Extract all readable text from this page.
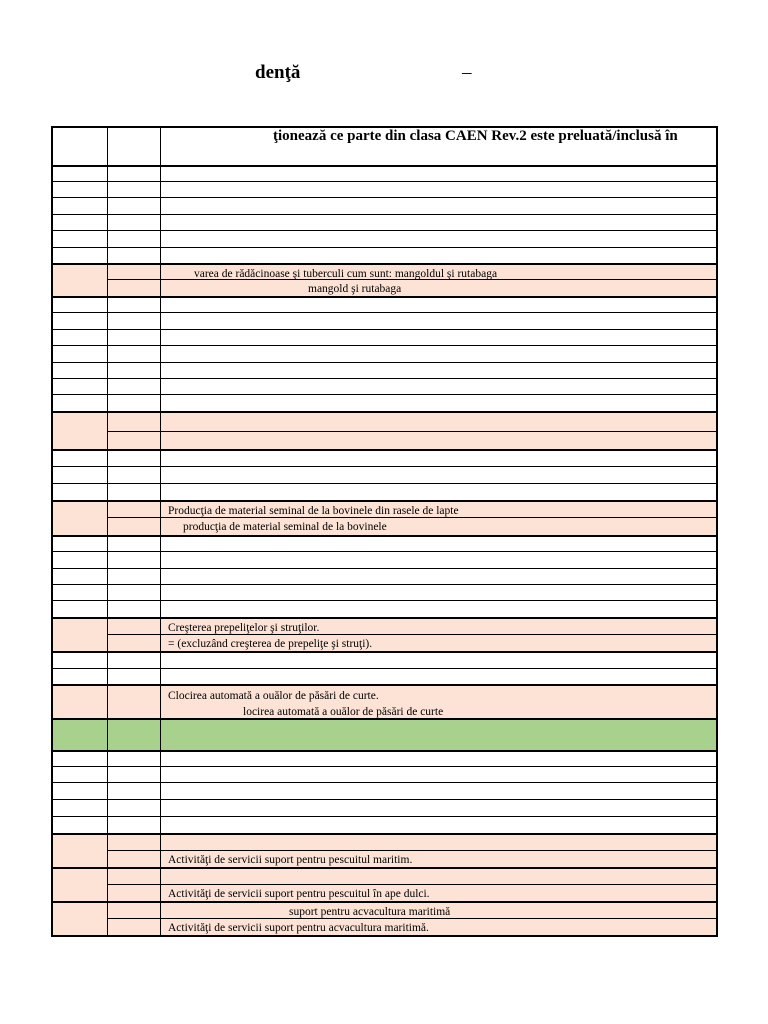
denţă	–
ţionează ce parte din clasa CAEN Rev.2 este preluată/inclusă în
varea de rădăcinoase şi tuberculi cum sunt: mangoldul şi rutabaga
mangold şi rutabaga
Producţia de material seminal de la bovinele din rasele de lapte
producţia de material seminal de la bovinele
Creşterea prepeliţelor şi struţilor.
= (excluzând creşterea de prepeliţe şi struţi).
Clocirea automată a ouălor de păsări de curte.
locirea automată a ouălor de păsări de curte
Activităţi de servicii suport pentru pescuitul maritim.
Activităţi de servicii suport pentru pescuitul în ape dulci.
suport pentru acvacultura maritimă
Activităţi de servicii suport pentru acvacultura maritimă.
